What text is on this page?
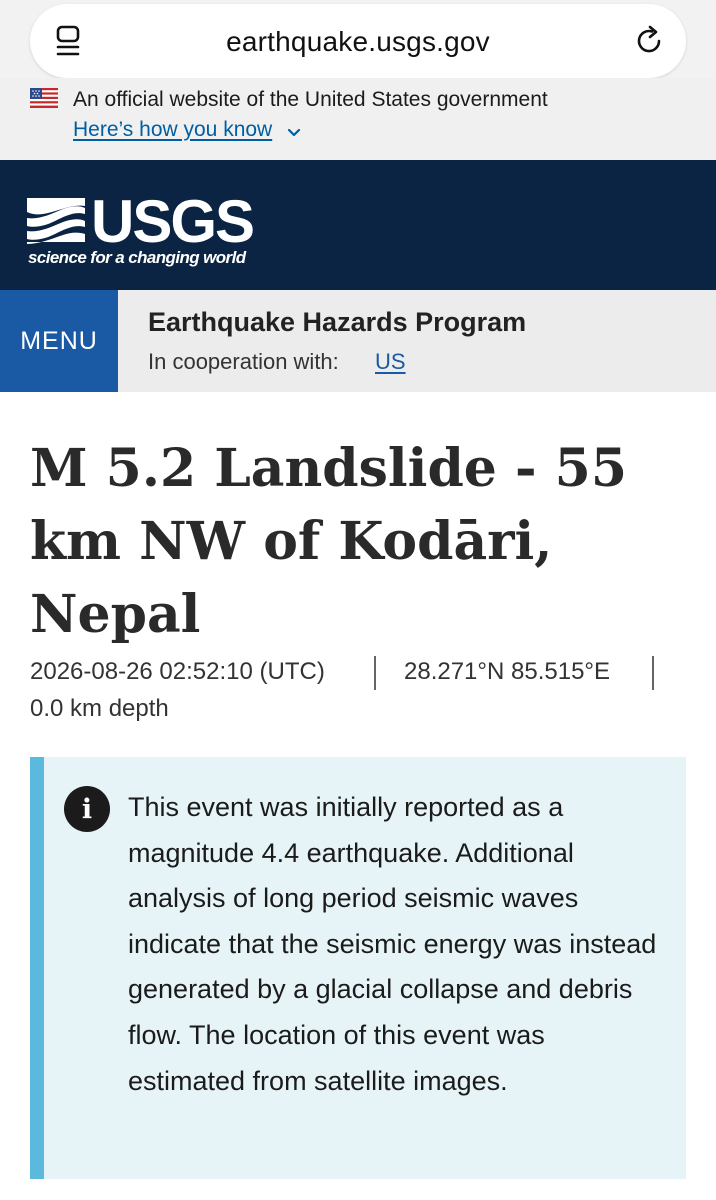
earthquake.usgs.gov
An official website of the United States government
Here’s how you know
USGS
science for a changing world
MENU
Earthquake Hazards Program
In cooperation with: US
M 5.2 Landslide - 55 km NW of Kodāri, Nepal
2026-08-26 02:52:10 (UTC)	28.271°N 85.515°E
0.0 km depth
i	This event was initially reported as a magnitude 4.4 earthquake. Additional analysis of long period seismic waves indicate that the seismic energy was instead generated by a glacial collapse and debris flow. The location of this event was estimated from satellite images.
